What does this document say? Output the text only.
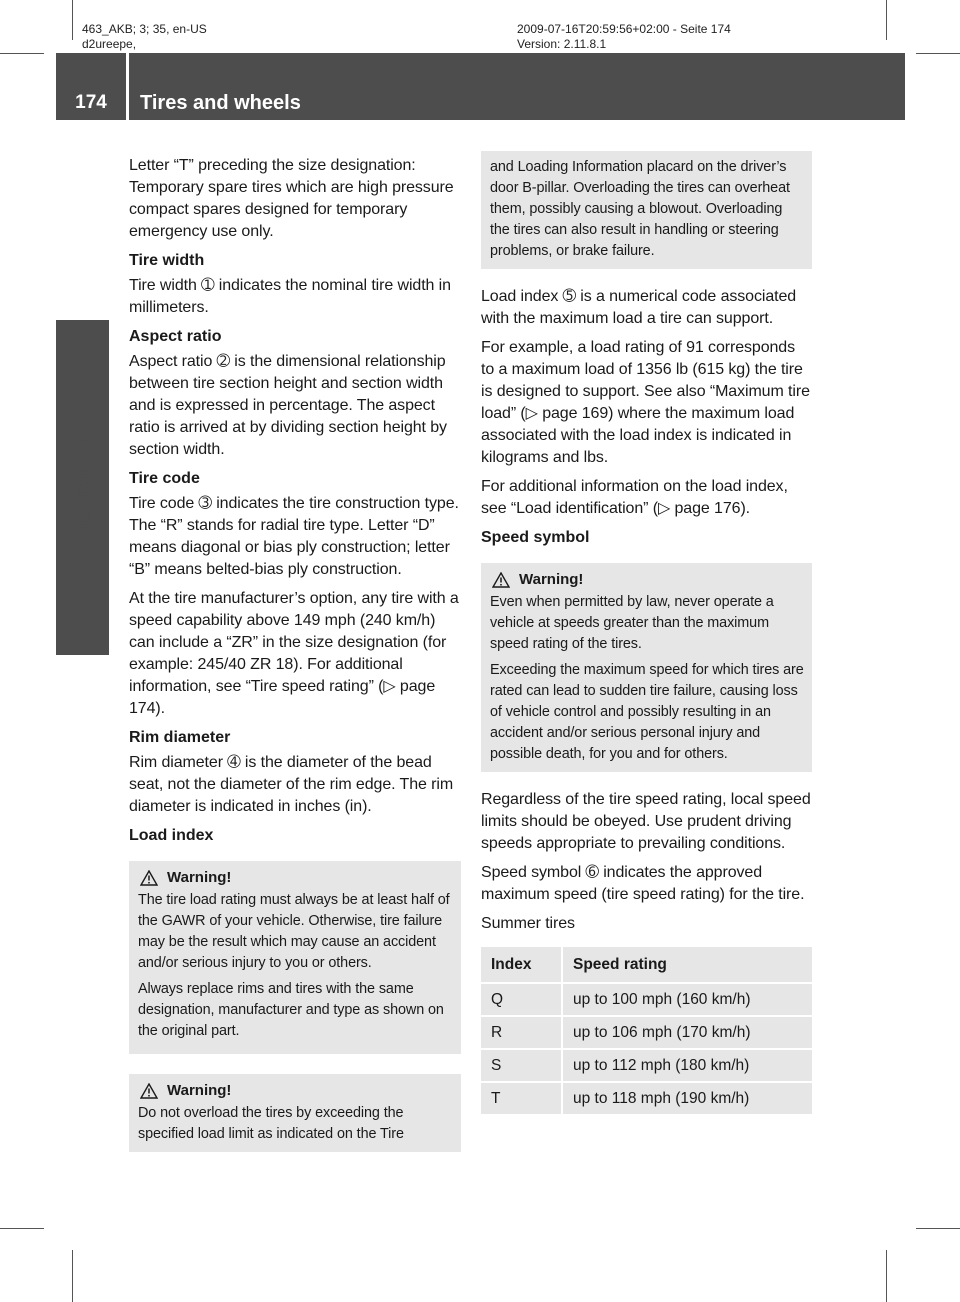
463_AKB; 3; 35, en-US
d2ureepe,
2009-07-16T20:59:56+02:00 - Seite 174
Version: 2.11.8.1
174	Tires and wheels
Operation

Letter “T” preceding the size designation: Temporary spare tires which are high pressure compact spares designed for temporary emergency use only.

Tire width

Tire width ➀ indicates the nominal tire width in millimeters.

Aspect ratio

Aspect ratio ➁ is the dimensional relationship between tire section height and section width and is expressed in percentage. The aspect ratio is arrived at by dividing section height by section width.

Tire code

Tire code ➂ indicates the tire construction type. The “R” stands for radial tire type. Letter “D” means diagonal or bias ply construction; letter “B” means belted-bias ply construction.

At the tire manufacturer’s option, any tire with a speed capability above 149 mph (240 km/h) can include a “ZR” in the size designation (for example: 245/40 ZR 18). For additional information, see “Tire speed rating” (▷ page 174).

Rim diameter

Rim diameter ➃ is the diameter of the bead seat, not the diameter of the rim edge. The rim diameter is indicated in inches (in).

Load index
Warning!

The tire load rating must always be at least half of the GAWR of your vehicle. Otherwise, tire failure may be the result which may cause an accident and/or serious injury to you or others.

Always replace rims and tires with the same designation, manufacturer and type as shown on the original part.

Warning!

Do not overload the tires by exceeding the specified load limit as indicated on the Tire

and Loading Information placard on the driver’s door B-pillar. Overloading the tires can overheat them, possibly causing a blowout. Overloading the tires can also result in handling or steering problems, or brake failure.

Load index ➄ is a numerical code associated with the maximum load a tire can support.

For example, a load rating of 91 corresponds to a maximum load of 1356 lb (615 kg) the tire is designed to support. See also “Maximum tire load” (▷ page 169) where the maximum load associated with the load index is indicated in kilograms and lbs.

For additional information on the load index, see “Load identification” (▷ page 176).

Speed symbol
Warning!

Even when permitted by law, never operate a vehicle at speeds greater than the maximum speed rating of the tires.

Exceeding the maximum speed for which tires are rated can lead to sudden tire failure, causing loss of vehicle control and possibly resulting in an accident and/or serious personal injury and possible death, for you and for others.

Regardless of the tire speed rating, local speed limits should be obeyed. Use prudent driving speeds appropriate to prevailing conditions.

Speed symbol ➅ indicates the approved maximum speed (tire speed rating) for the tire.

Summer tires

Index		Speed rating
Q		up to 100 mph (160 km/h)
R		up to 106 mph (170 km/h)
S		up to 112 mph (180 km/h)
T		up to 118 mph (190 km/h)
